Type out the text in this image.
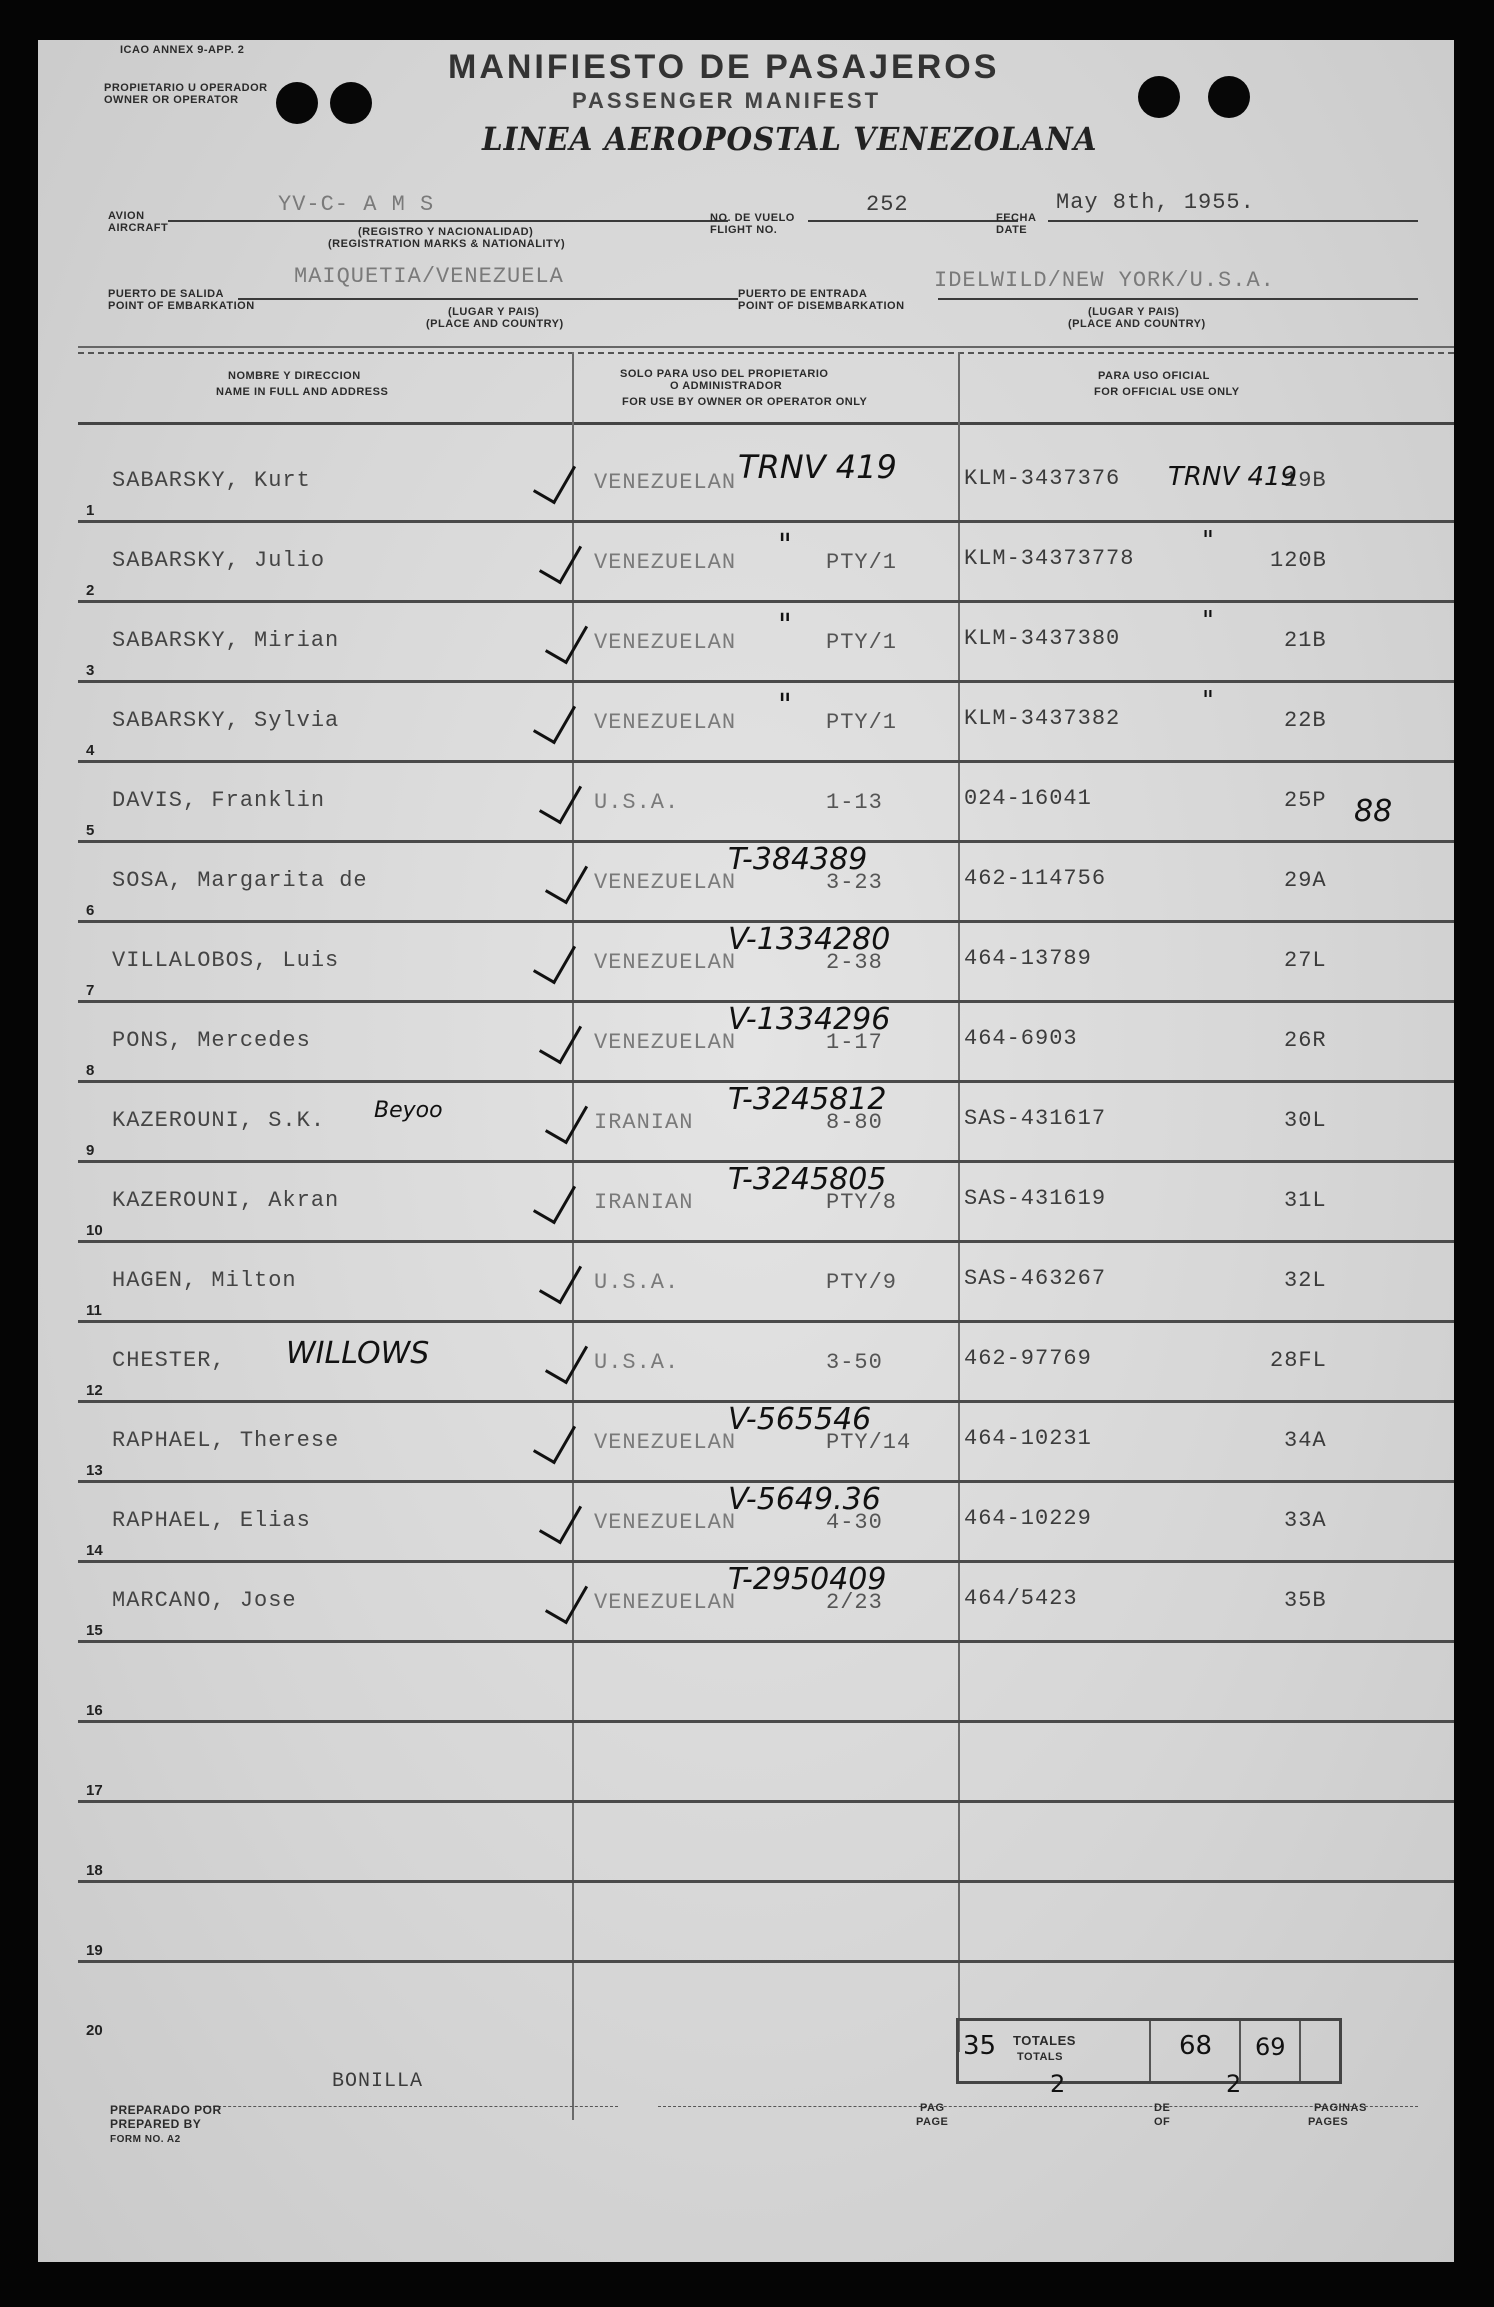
ICAO ANNEX 9-APP. 2
PROPIETARIO U OPERADOR
OWNER OR OPERATOR
MANIFIESTO DE PASAJEROS
PASSENGER MANIFEST
LINEA AEROPOSTAL VENEZOLANA
AVION
AIRCRAFT
YV-C- A M S
(REGISTRO Y NACIONALIDAD)
(REGISTRATION MARKS & NATIONALITY)
NO. DE VUELO
FLIGHT NO.
252
FECHA
DATE
May 8th, 1955.
PUERTO DE SALIDA
POINT OF EMBARKATION
MAIQUETIA/VENEZUELA
(LUGAR Y PAIS)
(PLACE AND COUNTRY)
PUERTO DE ENTRADA
POINT OF DISEMBARKATION
IDELWILD/NEW YORK/U.S.A.
(LUGAR Y PAIS)
(PLACE AND COUNTRY)
NOMBRE Y DIRECCION
NAME IN FULL AND ADDRESS
SOLO PARA USO DEL PROPIETARIO
O ADMINISTRADOR
FOR USE BY OWNER OR OPERATOR ONLY
PARA USO OFICIAL
FOR OFFICIAL USE ONLY
1
SABARSKY, Kurt	VENEZUELAN	KLM-3437376	19B
TRNV 419	TRNV 419
2
SABARSKY, Julio	VENEZUELAN	PTY/1	KLM-34373778	120B
"	"
3
SABARSKY, Mirian	VENEZUELAN	PTY/1	KLM-3437380	21B
"	"
4
SABARSKY, Sylvia	VENEZUELAN	PTY/1	KLM-3437382	22B
"	"
5
DAVIS, Franklin	U.S.A.	1-13	024-16041	25P
6
SOSA, Margarita de	VENEZUELAN	3-23	462-114756	29A
T-384389
7
VILLALOBOS, Luis	VENEZUELAN	2-38	464-13789	27L
V-1334280
8
PONS, Mercedes	VENEZUELAN	1-17	464-6903	26R
V-1334296
9
KAZEROUNI, S.K.	IRANIAN	8-80	SAS-431617	30L
T-3245812
Beyoo
10
KAZEROUNI, Akran	IRANIAN	PTY/8	SAS-431619	31L
T-3245805
11
HAGEN, Milton	U.S.A.	PTY/9	SAS-463267	32L
12
CHESTER,	U.S.A.	3-50	462-97769	28FL
WILLOWS
13
RAPHAEL, Therese	VENEZUELAN	PTY/14 464-10231	34A
V-565546
14
RAPHAEL, Elias	VENEZUELAN	4-30	464-10229	33A
V-5649.36
15
MARCANO, Jose	VENEZUELAN	2/23	464/5423	35B
T-2950409
16
17
18
19
20
88
35 TOTALES
TOTALS	68 69
BONILLA
PREPARADO POR
PREPARED BY
FORM NO. A2
2
PAG
PAGE
2
DE
OF
PAGINAS
PAGES
